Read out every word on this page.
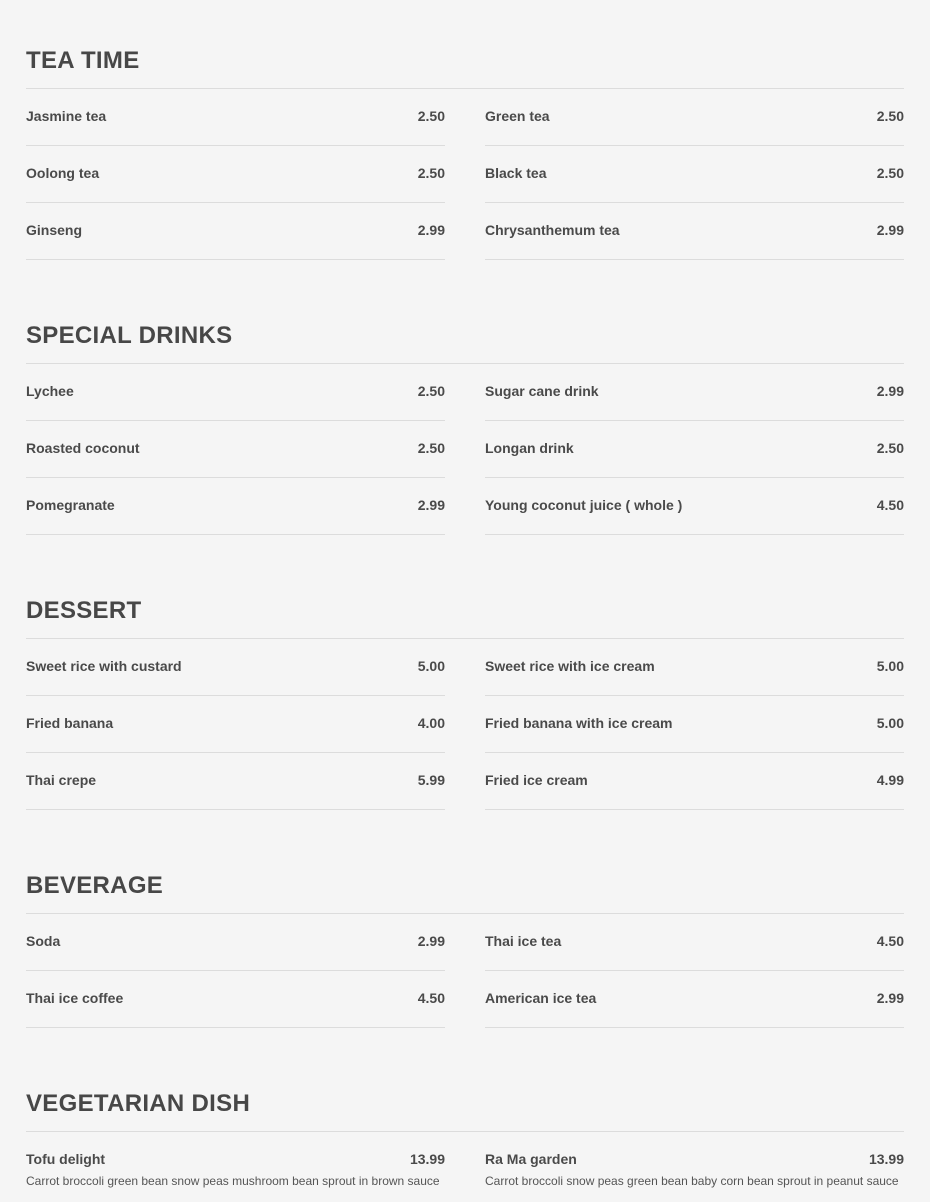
TEA TIME
Jasmine tea	2.50
Oolong tea	2.50
Ginseng	2.99
Green tea	2.50
Black tea	2.50
Chrysanthemum tea	2.99
SPECIAL DRINKS
Lychee	2.50
Roasted coconut	2.50
Pomegranate	2.99
Sugar cane drink	2.99
Longan drink	2.50
Young coconut juice ( whole )	4.50
DESSERT
Sweet rice with custard	5.00
Fried banana	4.00
Thai crepe	5.99
Sweet rice with ice cream	5.00
Fried banana with ice cream	5.00
Fried ice cream	4.99
BEVERAGE
Soda	2.99
Thai ice coffee	4.50
Thai ice tea	4.50
American ice tea	2.99
VEGETARIAN DISH
Tofu delight	13.99
Carrot broccoli green bean snow peas mushroom bean sprout in brown sauce
Ra Ma garden	13.99
Carrot broccoli snow peas green bean baby corn bean sprout in peanut sauce
